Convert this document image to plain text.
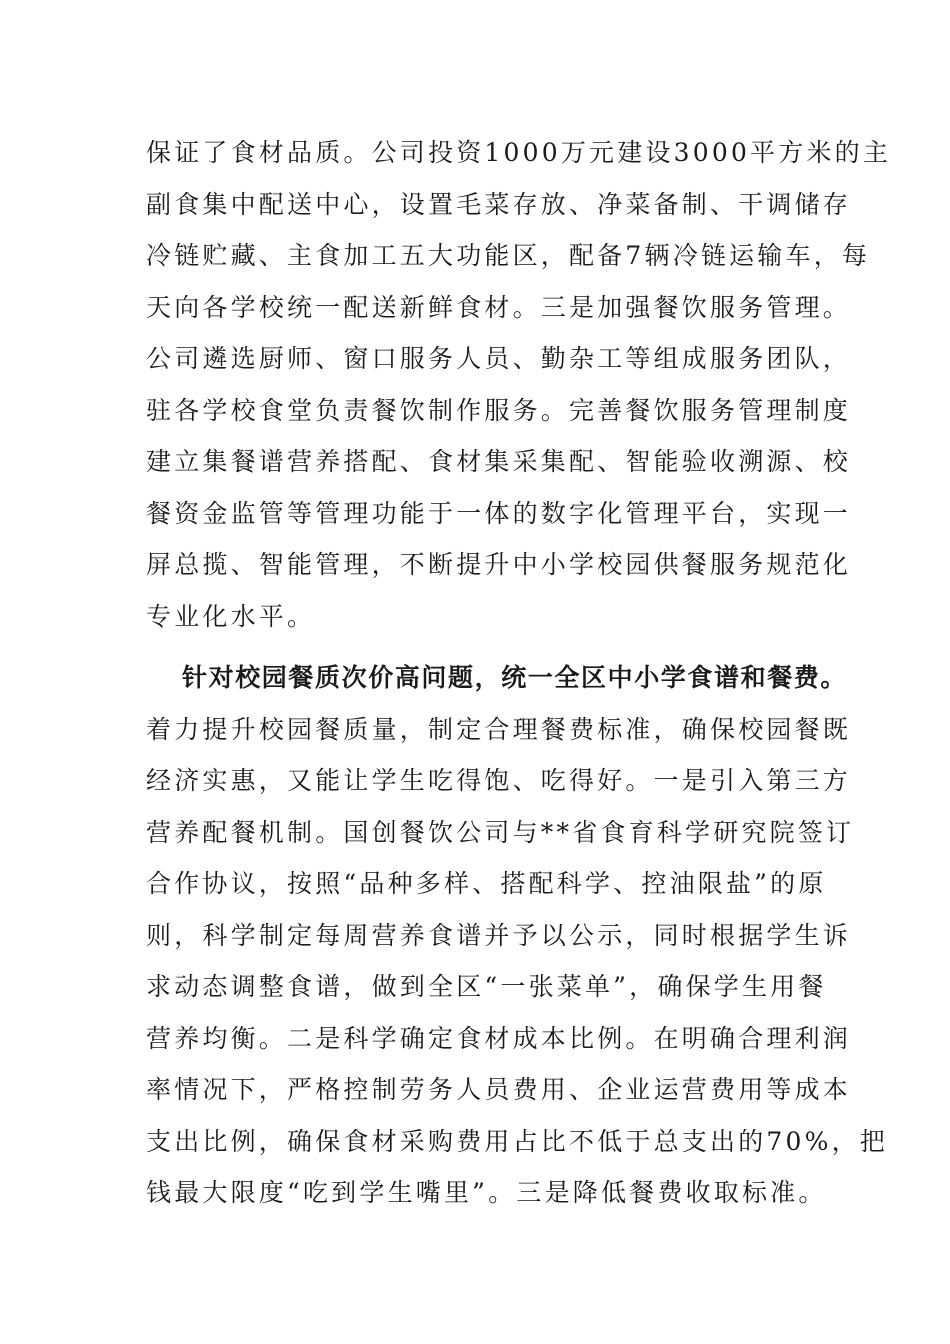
保证了食材品质。公司投资1000万元建设3000平方米的主
副食集中配送中心，设置毛菜存放、净菜备制、干调储存
冷链贮藏、主食加工五大功能区，配备7辆冷链运输车，每
天向各学校统一配送新鲜食材。三是加强餐饮服务管理。
公司遴选厨师、窗口服务人员、勤杂工等组成服务团队，
驻各学校食堂负责餐饮制作服务。完善餐饮服务管理制度
建立集餐谱营养搭配、食材集采集配、智能验收溯源、校
餐资金监管等管理功能于一体的数字化管理平台，实现一
屏总揽、智能管理，不断提升中小学校园供餐服务规范化
专业化水平。
针对校园餐质次价高问题，统一全区中小学食谱和餐费。
着力提升校园餐质量，制定合理餐费标准，确保校园餐既
经济实惠，又能让学生吃得饱、吃得好。一是引入第三方
营养配餐机制。国创餐饮公司与**省食育科学研究院签订
合作协议，按照“品种多样、搭配科学、控油限盐”的原
则，科学制定每周营养食谱并予以公示，同时根据学生诉
求动态调整食谱，做到全区“一张菜单”，确保学生用餐
营养均衡。二是科学确定食材成本比例。在明确合理利润
率情况下，严格控制劳务人员费用、企业运营费用等成本
支出比例，确保食材采购费用占比不低于总支出的70%，把
钱最大限度“吃到学生嘴里”。三是降低餐费收取标准。
